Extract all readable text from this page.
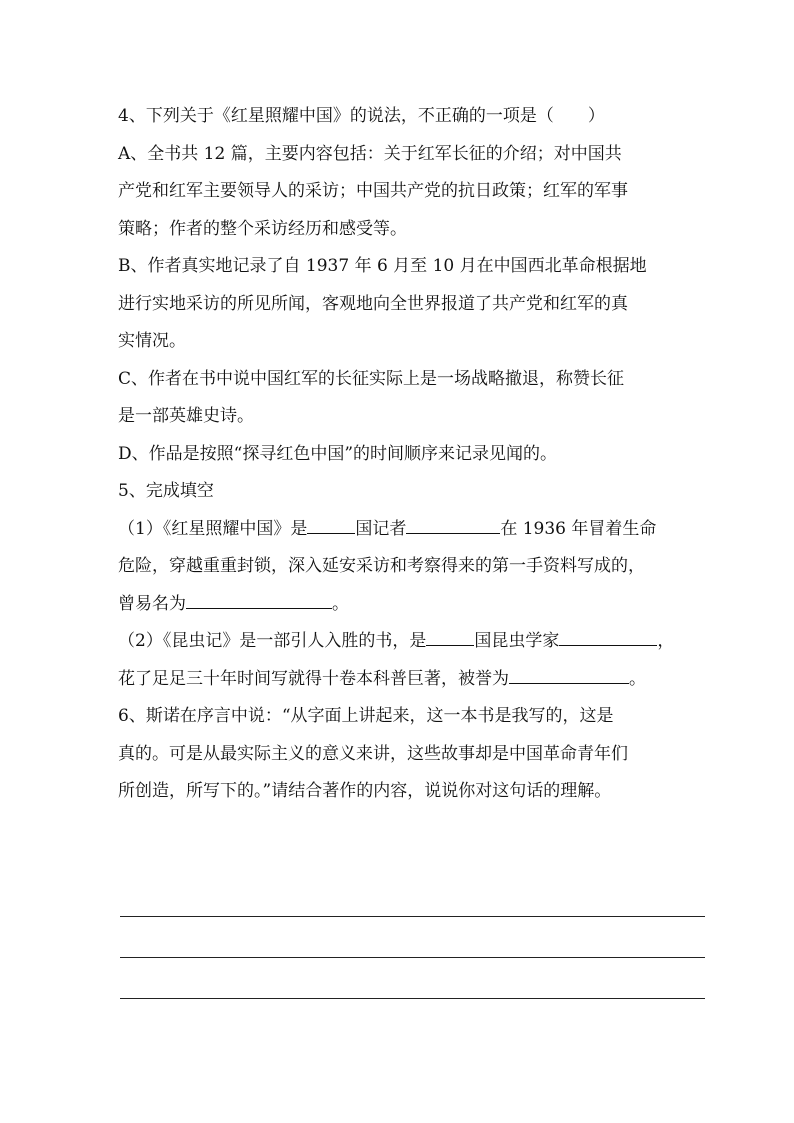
4、下列关于《红星照耀中国》的说法，不正确的一项是（　　）
A、全书共 12 篇，主要内容包括：关于红军长征的介绍；对中国共
产党和红军主要领导人的采访；中国共产党的抗日政策；红军的军事
策略；作者的整个采访经历和感受等。
B、作者真实地记录了自 1937 年 6 月至 10 月在中国西北革命根据地
进行实地采访的所见所闻，客观地向全世界报道了共产党和红军的真
实情况。
C、作者在书中说中国红军的长征实际上是一场战略撤退，称赞长征
是一部英雄史诗。
D、作品是按照“探寻红色中国”的时间顺序来记录见闻的。
5、完成填空
（1）《红星照耀中国》是	国记者	在 1936 年冒着生命
危险，穿越重重封锁，深入延安采访和考察得来的第一手资料写成的，
曾易名为	。
（2）《昆虫记》是一部引人入胜的书，是	国昆虫学家	，
花了足足三十年时间写就得十卷本科普巨著，被誉为	。
6、斯诺在序言中说：“从字面上讲起来，这一本书是我写的，这是
真的。可是从最实际主义的意义来讲，这些故事却是中国革命青年们
所创造，所写下的。”请结合著作的内容，说说你对这句话的理解。
